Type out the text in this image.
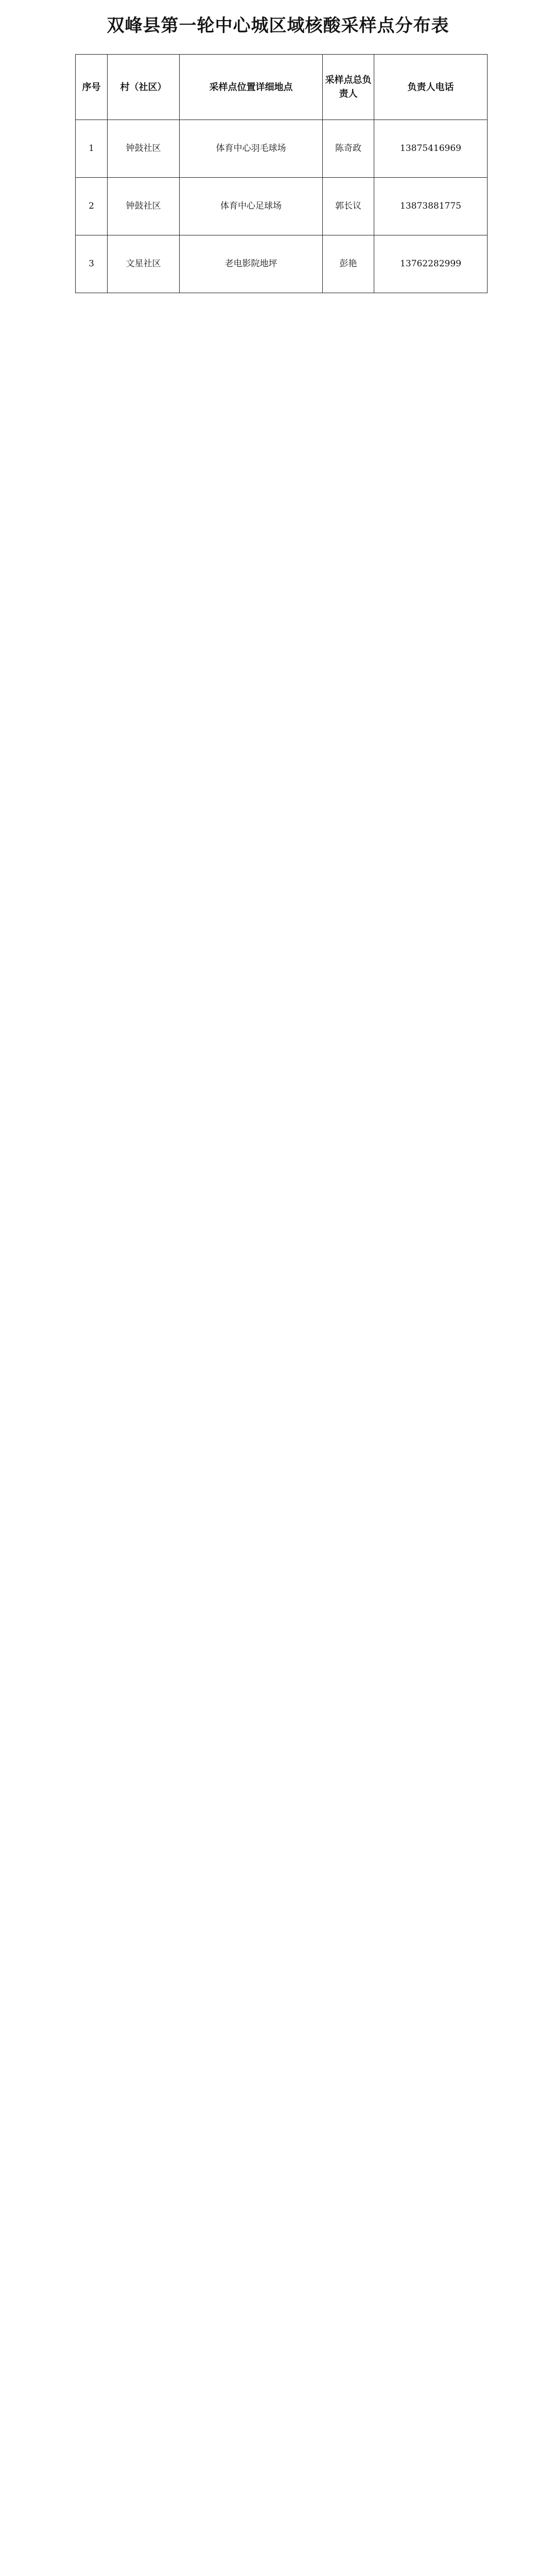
双峰县第一轮中心城区域核酸采样点分布表
序号	村（社区）	采样点位置详细地点	采样点总负责人	负责人电话
1	钟鼓社区	体育中心羽毛球场	陈奇政	13875416969
2	钟鼓社区	体育中心足球场	郭长议	13873881775
3	文星社区	老电影院地坪	彭艳	13762282999
